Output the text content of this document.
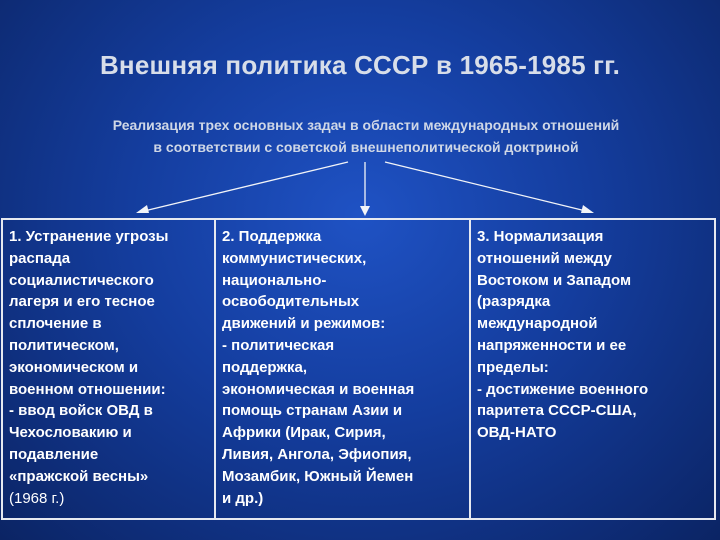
Внешняя политика СССР в 1965-1985 гг.
Реализация трех основных задач в области международных отношений
в соответствии с советской внешнеполитической доктриной
1. Устранение угрозы
распада
социалистического
лагеря и его тесное
сплочение в
политическом,
экономическом и
военном отношении:
- ввод войск ОВД в
Чехословакию и
подавление
«пражской весны»
(1968 г.)
2. Поддержка
коммунистических,
национально-
освободительных
движений и режимов:
- политическая
поддержка,
экономическая и военная
помощь странам Азии и
Африки (Ирак, Сирия,
Ливия, Ангола, Эфиопия,
Мозамбик, Южный Йемен
и др.)
3. Нормализация
отношений между
Востоком и Западом
(разрядка
международной
напряженности и ее
пределы:
- достижение военного
паритета СССР-США,
ОВД-НАТО
